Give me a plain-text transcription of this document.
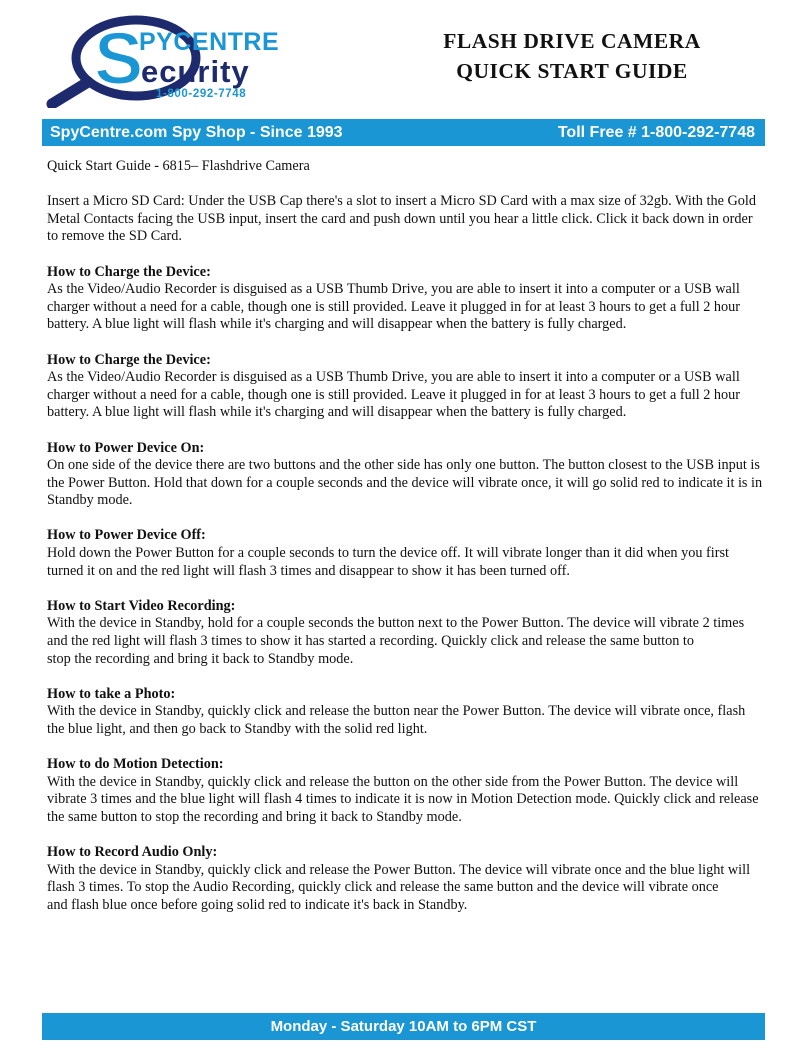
S
PYCENTRE
ecurity
1-800-292-7748
FLASH DRIVE CAMERA
QUICK START GUIDE
SpyCentre.com Spy Shop - Since 1993	Toll Free # 1-800-292-7748

Quick Start Guide - 6815– Flashdrive Camera

Insert a Micro SD Card: Under the USB Cap there's a slot to insert a Micro SD Card with a max size of 32gb. With the Gold Metal Contacts facing the USB input, insert the card and push down until you hear a little click. Click it back down in order to remove the SD Card.

How to Charge the Device:
As the Video/Audio Recorder is disguised as a USB Thumb Drive, you are able to insert it into a computer or a USB wall charger without a need for a cable, though one is still provided. Leave it plugged in for at least 3 hours to get a full 2 hour battery. A blue light will flash while it's charging and will disappear when the battery is fully charged.

How to Charge the Device:
As the Video/Audio Recorder is disguised as a USB Thumb Drive, you are able to insert it into a computer or a USB wall charger without a need for a cable, though one is still provided. Leave it plugged in for at least 3 hours to get a full 2 hour battery. A blue light will flash while it's charging and will disappear when the battery is fully charged.

How to Power Device On:
On one side of the device there are two buttons and the other side has only one button. The button closest to the USB input is the Power Button. Hold that down for a couple seconds and the device will vibrate once, it will go solid red to indicate it is in Standby mode.

How to Power Device Off:
Hold down the Power Button for a couple seconds to turn the device off. It will vibrate longer than it did when you first turned it on and the red light will flash 3 times and disappear to show it has been turned off.

How to Start Video Recording:
With the device in Standby, hold for a couple seconds the button next to the Power Button. The device will vibrate 2 times and the red light will flash 3 times to show it has started a recording. Quickly click and release the same button to
stop the recording and bring it back to Standby mode.

How to take a Photo:
With the device in Standby, quickly click and release the button near the Power Button. The device will vibrate once, flash the blue light, and then go back to Standby with the solid red light.

How to do Motion Detection:
With the device in Standby, quickly click and release the button on the other side from the Power Button. The device will vibrate 3 times and the blue light will flash 4 times to indicate it is now in Motion Detection mode. Quickly click and release the same button to stop the recording and bring it back to Standby mode.

How to Record Audio Only:
With the device in Standby, quickly click and release the Power Button. The device will vibrate once and the blue light will flash 3 times. To stop the Audio Recording, quickly click and release the same button and the device will vibrate once
and flash blue once before going solid red to indicate it's back in Standby.

Monday - Saturday 10AM to 6PM CST
